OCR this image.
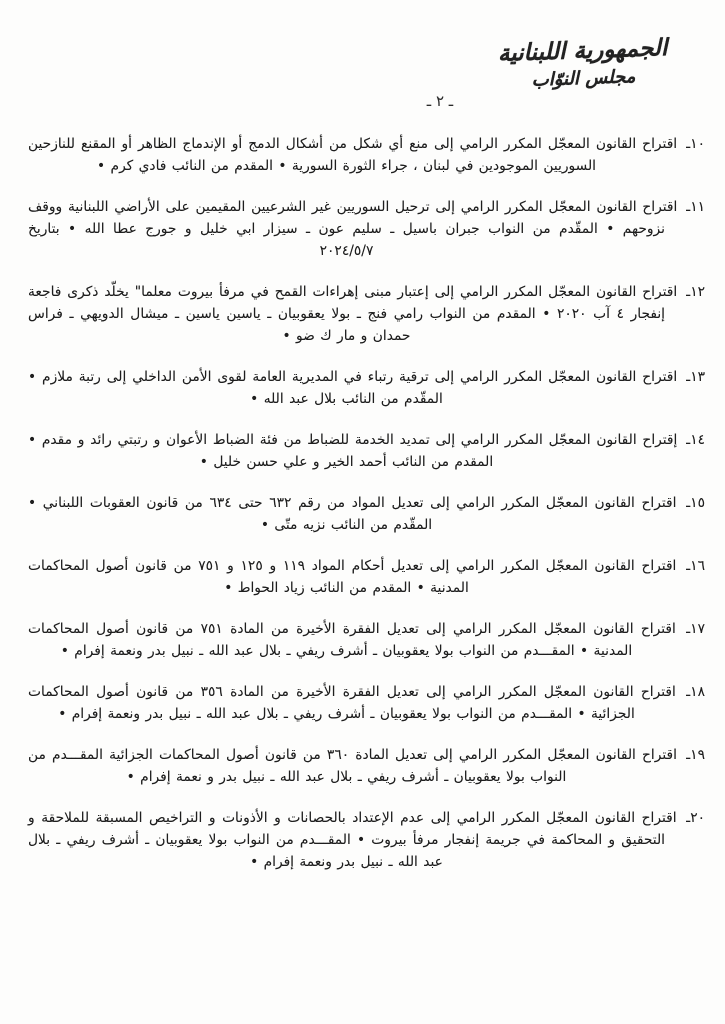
الجمهورية اللبنانية
مجلس النوّاب
ـ ٢ ـ

١٠ـ اقتراح القانون المعجّل المكرر الرامي إلى منع أي شكل من أشكال الدمج أو الإندماج الظاهر أو المقنع للنازحين السوريين الموجودين في لبنان ، جراء الثورة السورية • المقدم من النائب فادي كرم •

١١ـ اقتراح القانون المعجّل المكرر الرامي إلى ترحيل السوريين غير الشرعيين المقيمين على الأراضي اللبنانية ووقف نزوحهم • المقّدم من النواب جبران باسيل ـ سليم عون ـ سيزار ابي خليل و جورج عطا الله • بتاريخ ٢٠٢٤/٥/٧

١٢ـ اقتراح القانون المعجّل المكرر الرامي إلى إعتبار مبنى إهراءات القمح في مرفأ بيروت معلما" يخلّد ذكرى فاجعة إنفجار ٤ آب ٢٠٢٠ • المقدم من النواب رامي فنج ـ بولا يعقوبيان ـ ياسين ياسين ـ ميشال الدويهي ـ فراس حمدان و مار ك ضو •

١٣ـ اقتراح القانون المعجّل المكرر الرامي إلى ترقية رتباء في المديرية العامة لقوى الأمن الداخلي إلى رتبة ملازم • المقّدم من النائب بلال عبد الله •

١٤ـ إقتراح القانون المعجّل المكرر الرامي إلى تمديد الخدمة للضباط من فئة الضباط الأعوان و رتبتي رائد و مقدم • المقدم من النائب أحمد الخير و علي حسن خليل •

١٥ـ اقتراح القانون المعجّل المكرر الرامي إلى تعديل المواد من رقم ٦٣٢ حتى ٦٣٤ من قانون العقوبات اللبناني • المقّدم من النائب نزيه متّى •

١٦ـ اقتراح القانون المعجّل المكرر الرامي إلى تعديل أحكام المواد ١١٩ و ١٢٥ و ٧٥١ من قانون أصول المحاكمات المدنية • المقدم من النائب زياد الحواط •

١٧ـ اقتراح القانون المعجّل المكرر الرامي إلى تعديل الفقرة الأخيرة من المادة ٧٥١ من قانون أصول المحاكمات المدنية • المقـــدم من النواب بولا يعقوبيان ـ أشرف ريفي ـ بلال عبد الله ـ نبيل بدر ونعمة إفرام •

١٨ـ اقتراح القانون المعجّل المكرر الرامي إلى تعديل الفقرة الأخيرة من المادة ٣٥٦ من قانون أصول المحاكمات الجزائية • المقـــدم من النواب بولا يعقوبيان ـ أشرف ريفي ـ بلال عبد الله ـ نبيل بدر ونعمة إفرام •

١٩ـ اقتراح القانون المعجّل المكرر الرامي إلى تعديل المادة ٣٦٠ من قانون أصول المحاكمات الجزائية المقـــدم من النواب بولا يعقوبيان ـ أشرف ريفي ـ بلال عبد الله ـ نبيل بدر و نعمة إفرام •

٢٠ـ اقتراح القانون المعجّل المكرر الرامي إلى عدم الإعتداد بالحصانات و الأذونات و التراخيص المسبقة للملاحقة و التحقيق و المحاكمة في جريمة إنفجار مرفأ بيروت • المقـــدم من النواب بولا يعقوبيان ـ أشرف ريفي ـ بلال عبد الله ـ نبيل بدر ونعمة إفرام •
